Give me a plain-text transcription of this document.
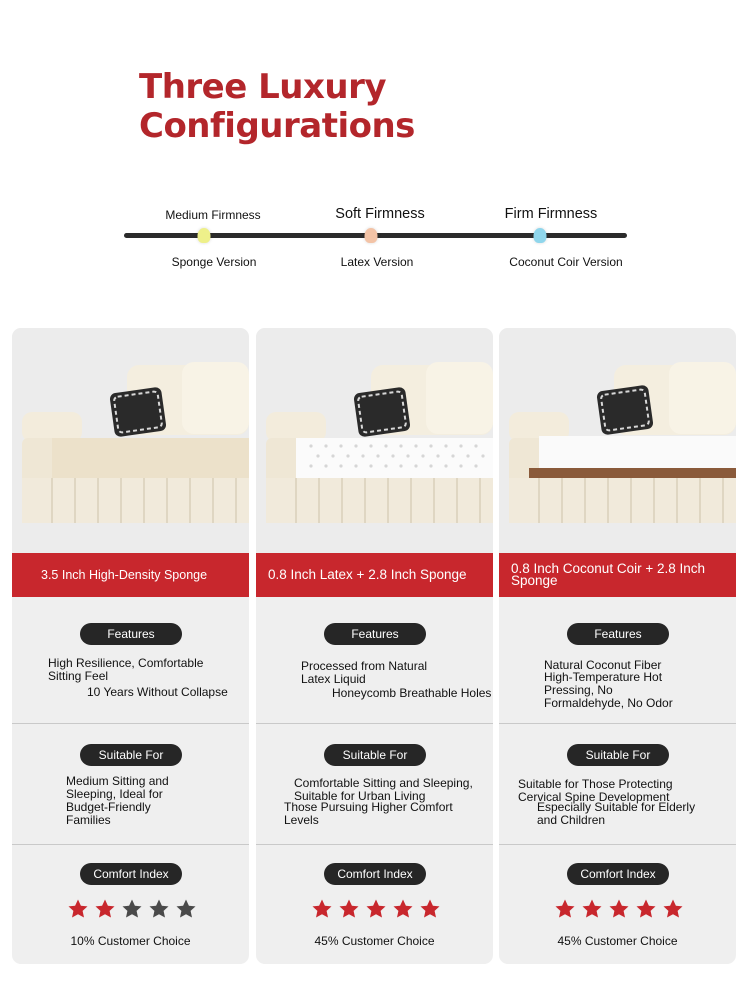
Three Luxury
Configurations
Medium Firmness	Soft Firmness	Firm Firmness
Sponge Version	Latex Version	Coconut Coir Version
3.5 Inch High-Density Sponge
Features
High Resilience, Comfortable Sitting Feel
10 Years Without Collapse
Suitable For
Medium Sitting and Sleeping, Ideal for Budget-Friendly Families
Comfort Index
10% Customer Choice
0.8 Inch Latex + 2.8 Inch Sponge
Features
Processed from Natural Latex Liquid
Honeycomb Breathable Holes
Suitable For
Comfortable Sitting and Sleeping, Suitable for Urban Living
Those Pursuing Higher Comfort Levels
Comfort Index
45% Customer Choice
0.8 Inch Coconut Coir + 2.8 Inch Sponge
Features
Natural Coconut Fiber
High-Temperature Hot Pressing, No Formaldehyde, No Odor
Suitable For
Suitable for Those Protecting Cervical Spine Development
Especially Suitable for Elderly and Children
Comfort Index
45% Customer Choice
